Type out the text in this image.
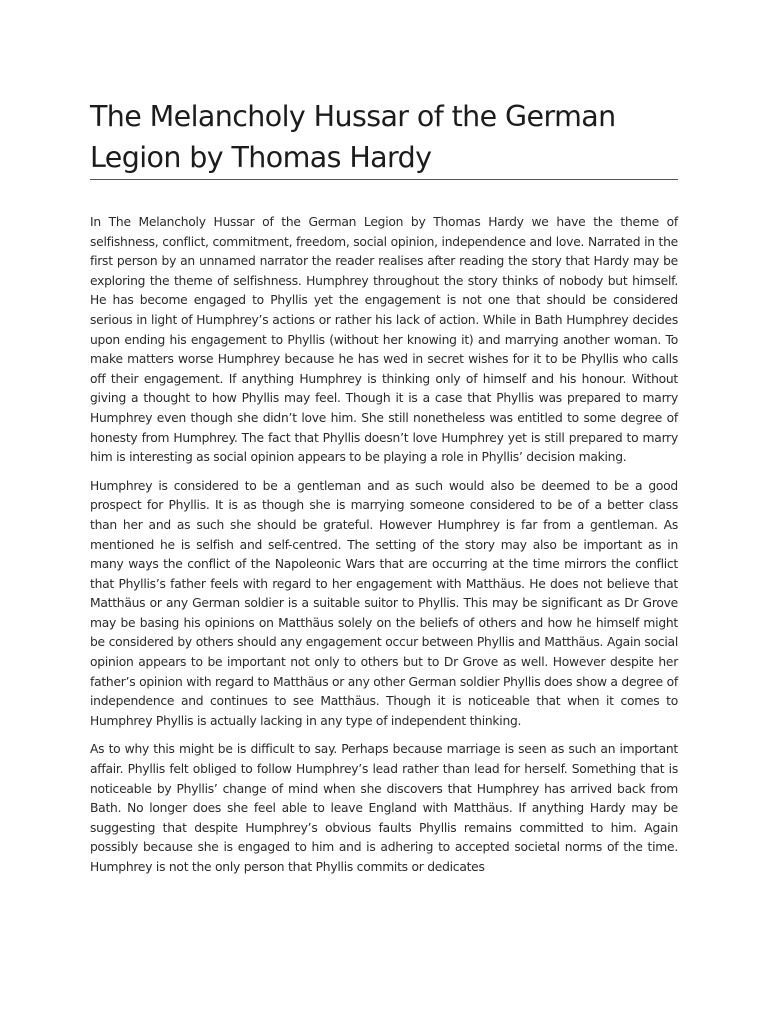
The Melancholy Hussar of the German Legion by Thomas Hardy

In The Melancholy Hussar of the German Legion by Thomas Hardy we have the theme of selfishness, conflict, commitment, freedom, social opinion, independence and love. Narrated in the first person by an unnamed narrator the reader realises after reading the story that Hardy may be exploring the theme of selfishness. Humphrey throughout the story thinks of nobody but himself. He has become engaged to Phyllis yet the engagement is not one that should be considered serious in light of Humphrey’s actions or rather his lack of action. While in Bath Humphrey decides upon ending his engagement to Phyllis (without her knowing it) and marrying another woman. To make matters worse Humphrey because he has wed in secret wishes for it to be Phyllis who calls off their engagement. If anything Humphrey is thinking only of himself and his honour. Without giving a thought to how Phyllis may feel. Though it is a case that Phyllis was prepared to marry Humphrey even though she didn’t love him. She still nonetheless was entitled to some degree of honesty from Humphrey. The fact that Phyllis doesn’t love Humphrey yet is still prepared to marry him is interesting as social opinion appears to be playing a role in Phyllis’ decision making.

Humphrey is considered to be a gentleman and as such would also be deemed to be a good prospect for Phyllis. It is as though she is marrying someone considered to be of a better class than her and as such she should be grateful. However Humphrey is far from a gentleman. As mentioned he is selfish and self-centred. The setting of the story may also be important as in many ways the conflict of the Napoleonic Wars that are occurring at the time mirrors the conflict that Phyllis’s father feels with regard to her engagement with Matthäus. He does not believe that Matthäus or any German soldier is a suitable suitor to Phyllis. This may be significant as Dr Grove may be basing his opinions on Matthäus solely on the beliefs of others and how he himself might be considered by others should any engagement occur between Phyllis and Matthäus. Again social opinion appears to be important not only to others but to Dr Grove as well. However despite her father’s opinion with regard to Matthäus or any other German soldier Phyllis does show a degree of independence and continues to see Matthäus. Though it is noticeable that when it comes to Humphrey Phyllis is actually lacking in any type of independent thinking.

As to why this might be is difficult to say. Perhaps because marriage is seen as such an important affair. Phyllis felt obliged to follow Humphrey’s lead rather than lead for herself. Something that is noticeable by Phyllis’ change of mind when she discovers that Humphrey has arrived back from Bath. No longer does she feel able to leave England with Matthäus. If anything Hardy may be suggesting that despite Humphrey’s obvious faults Phyllis remains committed to him. Again possibly because she is engaged to him and is adhering to accepted societal norms of the time. Humphrey is not the only person that Phyllis commits or dedicates
